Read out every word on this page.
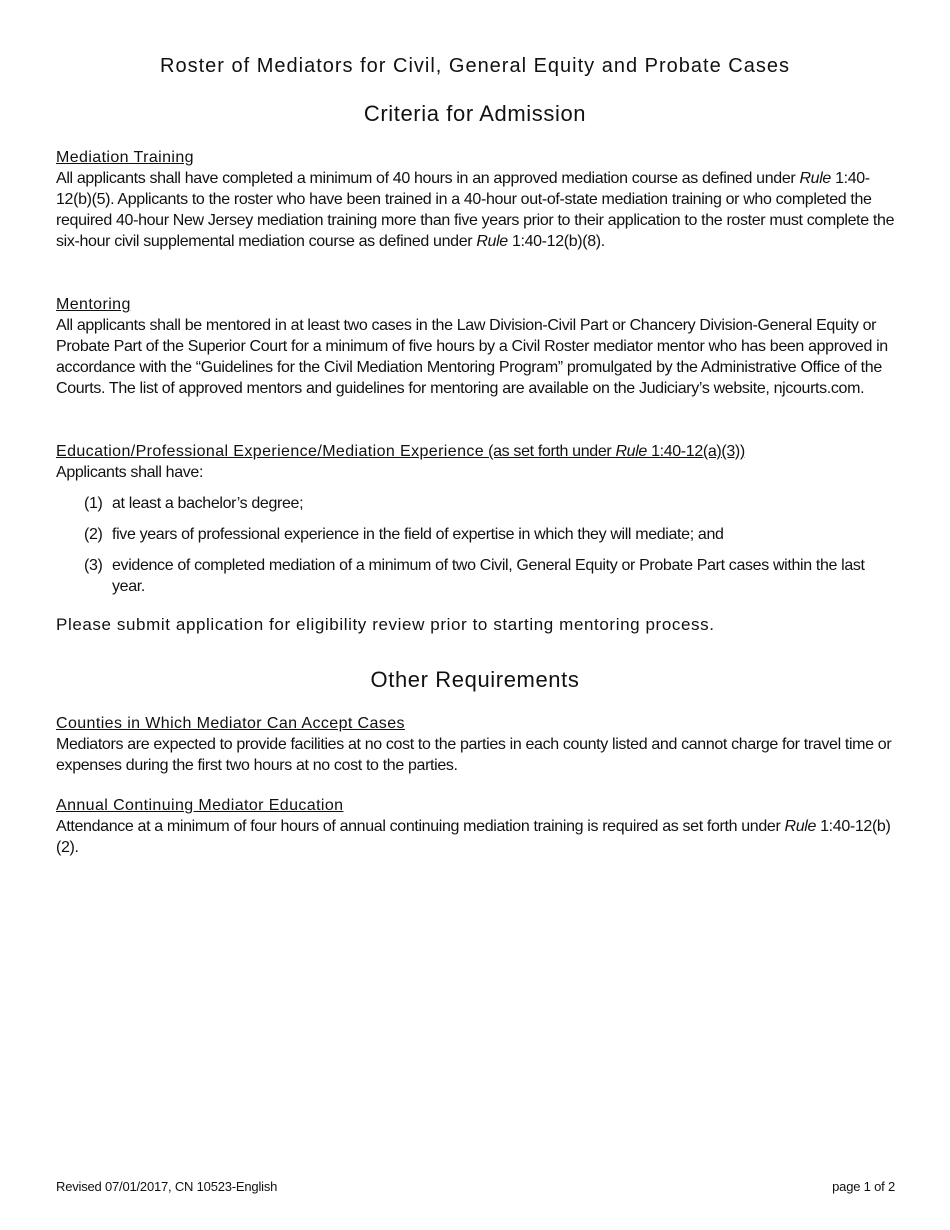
Roster of Mediators for Civil, General Equity and Probate Cases
Criteria for Admission
Mediation Training

All applicants shall have completed a minimum of 40 hours in an approved mediation course as defined under Rule 1:40-12(b)(5). Applicants to the roster who have been trained in a 40-hour out-of-state mediation training or who completed the required 40-hour New Jersey mediation training more than five years prior to their application to the roster must complete the six-hour civil supplemental mediation course as defined under Rule 1:40-12(b)(8).

Mentoring

All applicants shall be mentored in at least two cases in the Law Division-Civil Part or Chancery Division-General Equity or Probate Part of the Superior Court for a minimum of five hours by a Civil Roster mediator mentor who has been approved in accordance with the “Guidelines for the Civil Mediation Mentoring Program” promulgated by the Administrative Office of the Courts. The list of approved mentors and guidelines for mentoring are available on the Judiciary’s website, njcourts.com.

Education/Professional Experience/Mediation Experience (as set forth under Rule 1:40-12(a)(3))

Applicants shall have:

(1) at least a bachelor’s degree;
(2) five years of professional experience in the field of expertise in which they will mediate; and
(3) evidence of completed mediation of a minimum of two Civil, General Equity or Probate Part cases within the last year.
Please submit application for eligibility review prior to starting mentoring process.
Other Requirements
Counties in Which Mediator Can Accept Cases

Mediators are expected to provide facilities at no cost to the parties in each county listed and cannot charge for travel time or expenses during the first two hours at no cost to the parties.

Annual Continuing Mediator Education

Attendance at a minimum of four hours of annual continuing mediation training is required as set forth under Rule 1:40-12(b)(2).

Revised 07/01/2017, CN 10523-English	page 1 of 2
